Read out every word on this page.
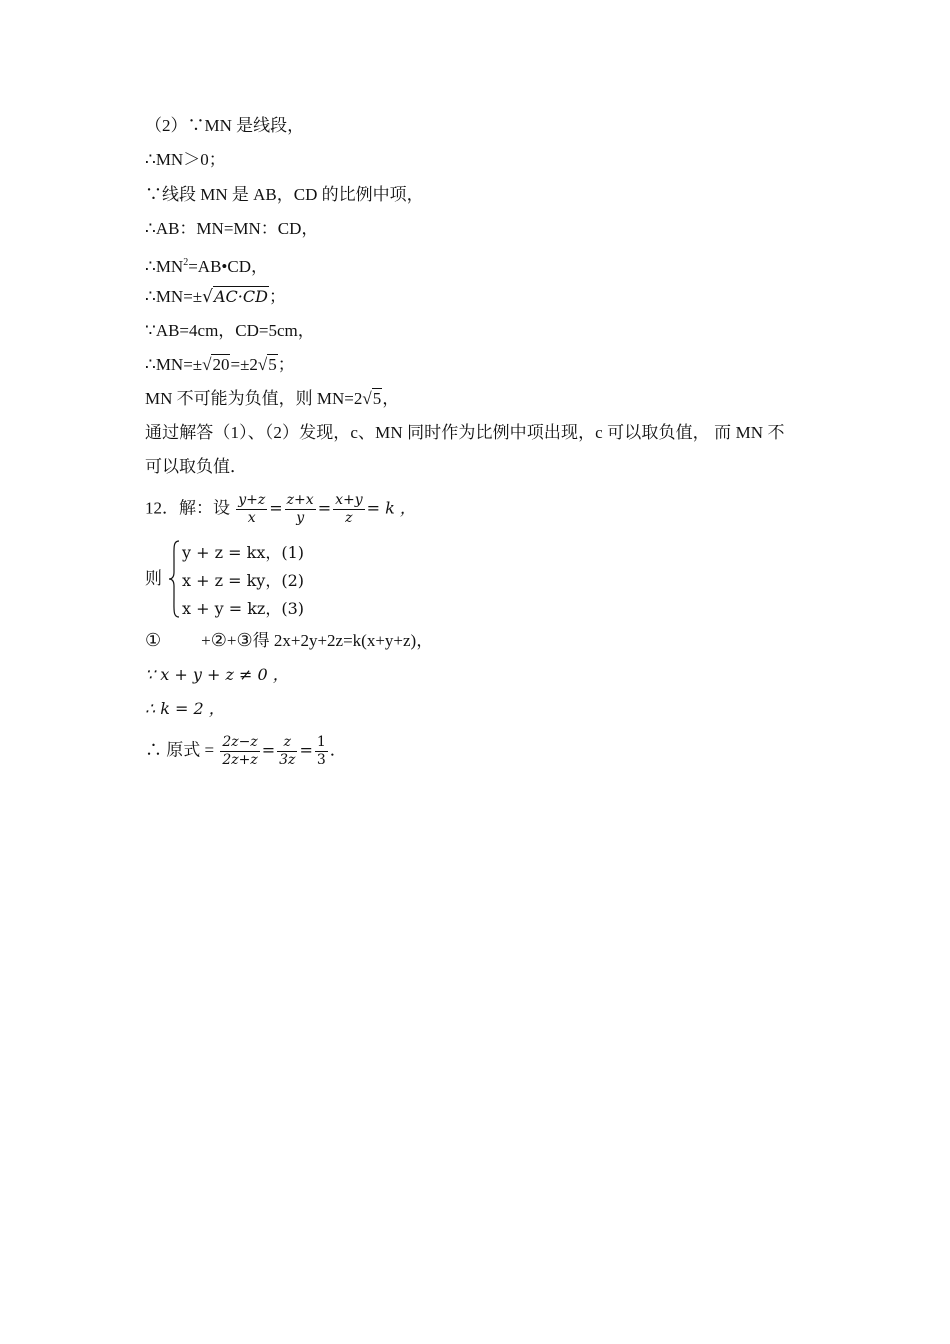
（2）∵MN 是线段，
∴MN＞0；
∵线段 MN 是 AB，CD 的比例中项，
∴AB：MN=MN：CD，
$\therefore MN^2=AB•CD$，
∴MN=±√AC·CD；
∵AB=4cm，CD=5cm，
∴MN=±√20=±2√5；
MN 不可能为负值，则 MN=2√5，
通过解答（1）、（2）发现，c、MN 同时作为比例中项出现，c 可以取负值， 而 MN 不
可以取负值．
12．解：设 $\frac{y+z}{x} = \frac{z+x}{y} = \frac{x+y}{z} = k$ ，
则
y + z = kx，(1)
x + z = ky，(2)
x + y = kz，(3)
① +②+③得 2x+2y+2z=k(x+y+z)，
∵ x + y + z ≠ 0 ，
∴ k = 2 ，
∴ 原式 = $\frac{2z-z}{2z+z} = \frac{z}{3z} = \frac{1}{3}$ ．
